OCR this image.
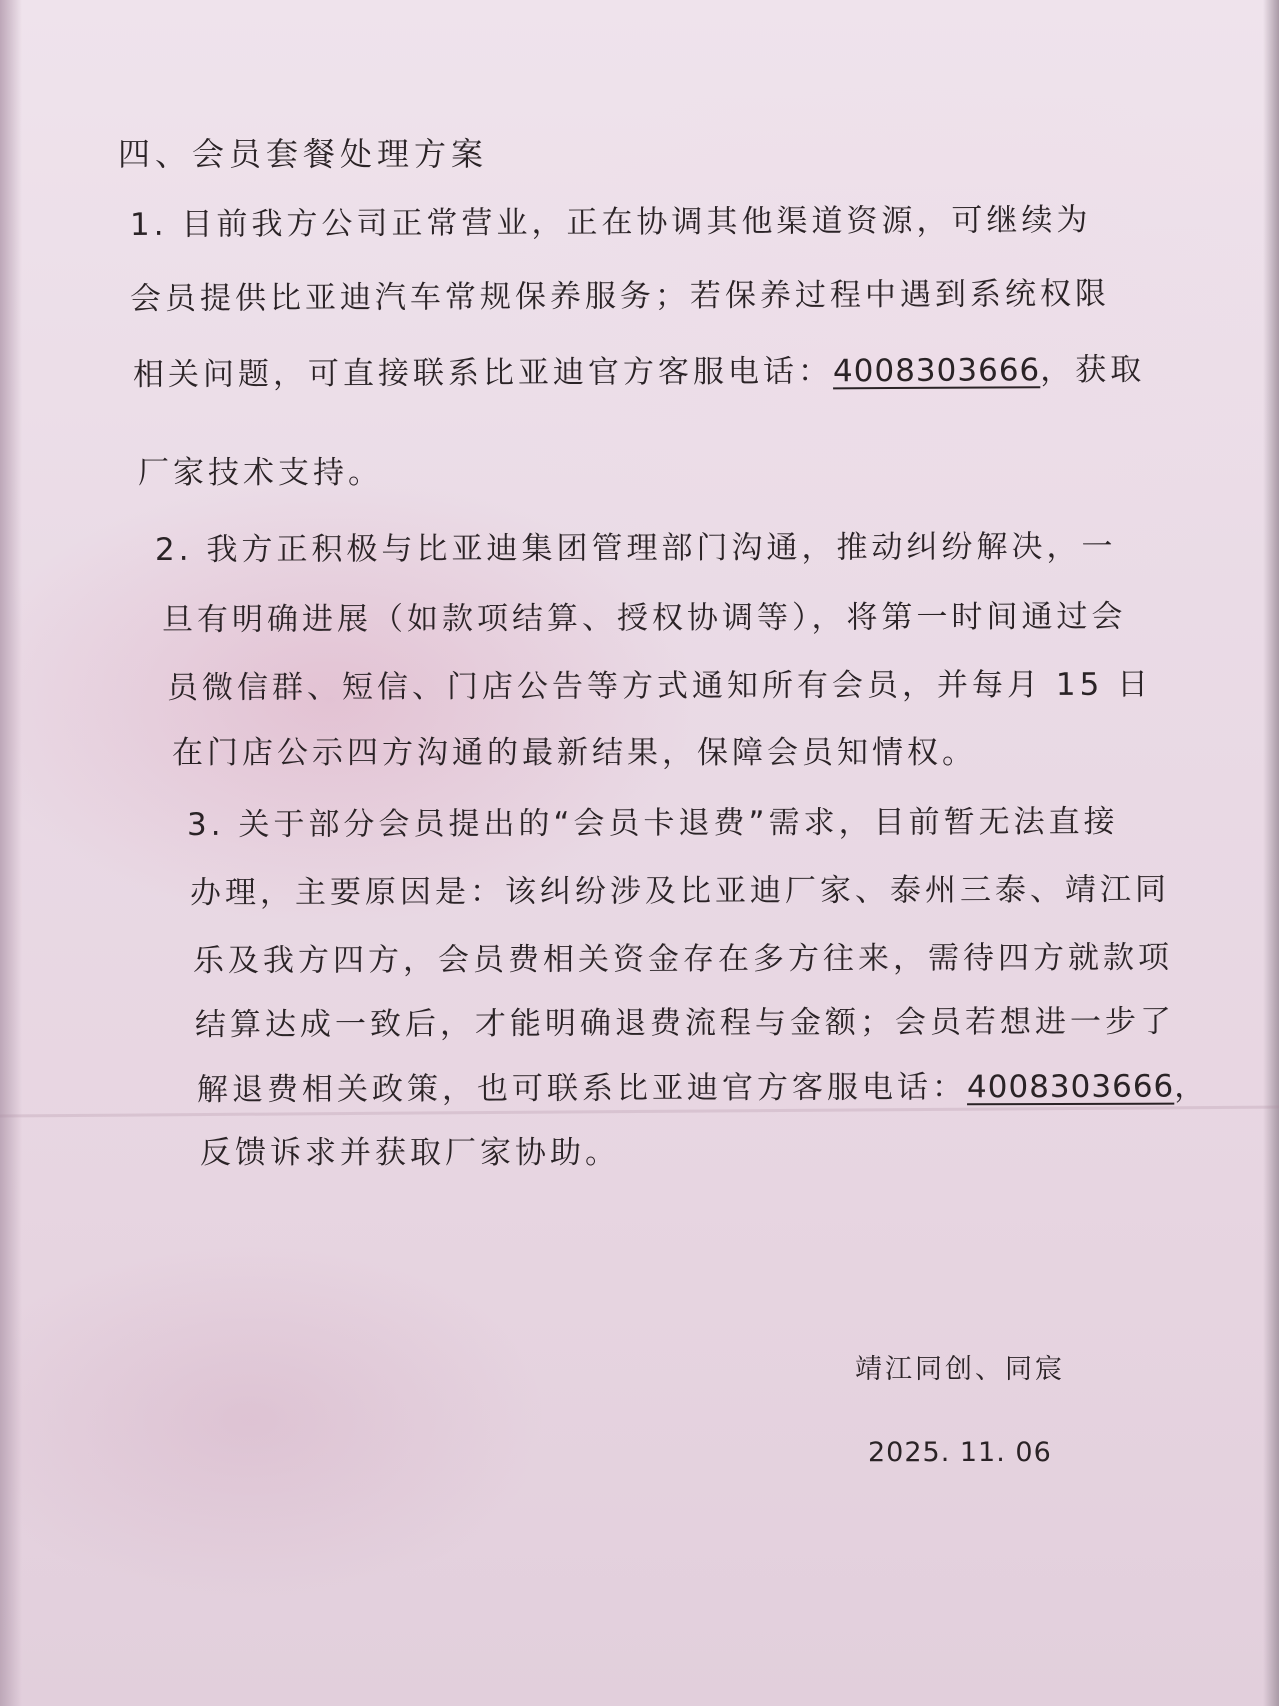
四、会员套餐处理方案
1. 目前我方公司正常营业，正在协调其他渠道资源，可继续为
会员提供比亚迪汽车常规保养服务；若保养过程中遇到系统权限
相关问题，可直接联系比亚迪官方客服电话：4008303666，获取
厂家技术支持。
2. 我方正积极与比亚迪集团管理部门沟通，推动纠纷解决，一
旦有明确进展（如款项结算、授权协调等），将第一时间通过会
员微信群、短信、门店公告等方式通知所有会员，并每月 15 日
在门店公示四方沟通的最新结果，保障会员知情权。
3. 关于部分会员提出的“会员卡退费”需求，目前暂无法直接
办理，主要原因是：该纠纷涉及比亚迪厂家、泰州三泰、靖江同
乐及我方四方，会员费相关资金存在多方往来，需待四方就款项
结算达成一致后，才能明确退费流程与金额；会员若想进一步了
解退费相关政策，也可联系比亚迪官方客服电话：4008303666，
反馈诉求并获取厂家协助。
靖江同创、同宸
2025. 11. 06
